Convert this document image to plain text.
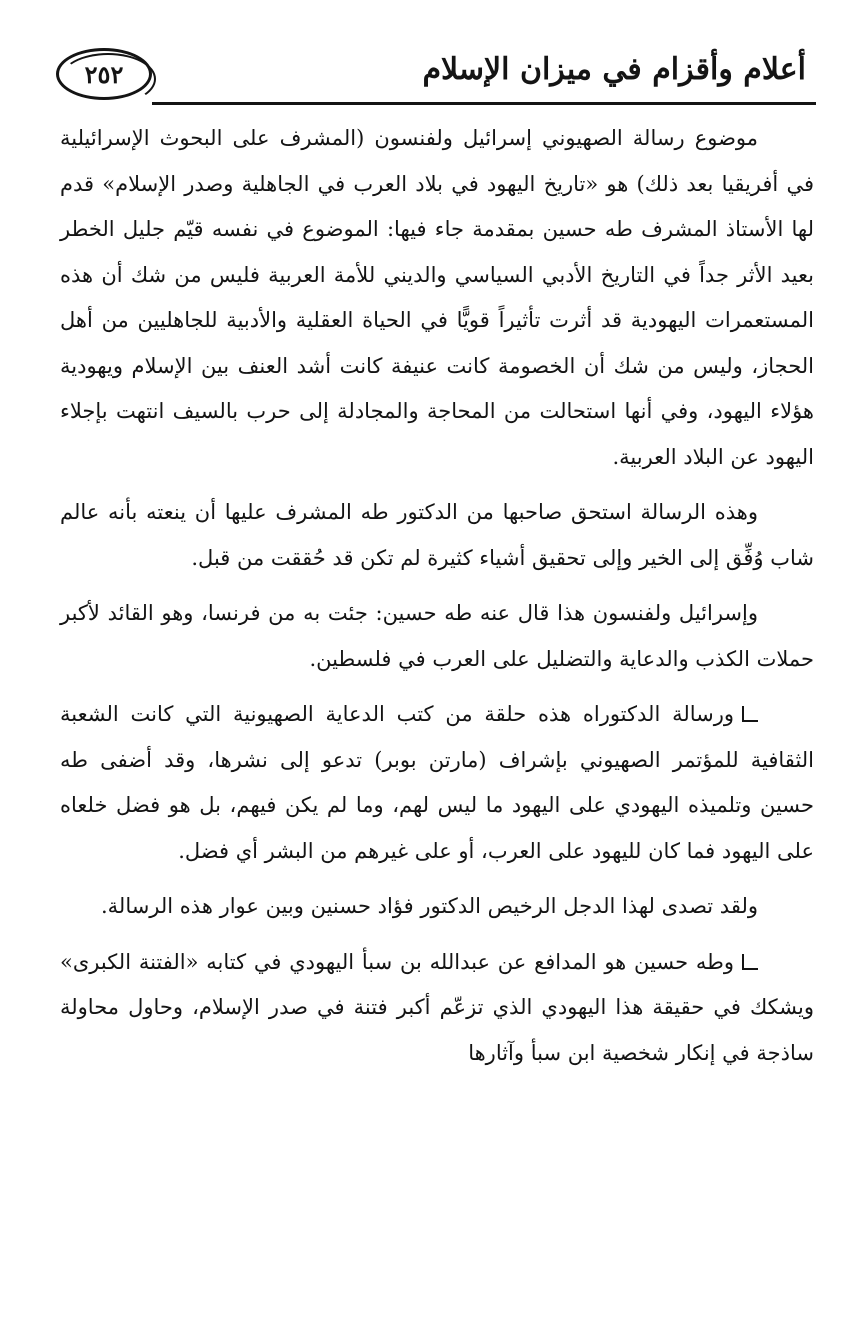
٢٥٢	أعلام وأقزام في ميزان الإسلام

موضوع رسالة الصهيوني إسرائيل ولفنسون (المشرف على البحوث الإسرائيلية في أفريقيا بعد ذلك) هو «تاريخ اليهود في بلاد العرب في الجاهلية وصدر الإسلام» قدم لها الأستاذ المشرف طه حسين بمقدمة جاء فيها: الموضوع في نفسه قيّم جليل الخطر بعيد الأثر جداً في التاريخ الأدبي السياسي والديني للأمة العربية فليس من شك أن هذه المستعمرات اليهودية قد أثرت تأثيراً قويًّا في الحياة العقلية والأدبية للجاهليين من أهل الحجاز، وليس من شك أن الخصومة كانت عنيفة كانت أشد العنف بين الإسلام ويهودية هؤلاء اليهود، وفي أنها استحالت من المحاجة والمجادلة إلى حرب بالسيف انتهت بإجلاء اليهود عن البلاد العربية.

وهذه الرسالة استحق صاحبها من الدكتور طه المشرف عليها أن ينعته بأنه عالم شاب وُفِّق إلى الخير وإلى تحقيق أشياء كثيرة لم تكن قد حُققت من قبل.

وإسرائيل ولفنسون هذا قال عنه طه حسين: جئت به من فرنسا، وهو القائد لأكبر حملات الكذب والدعاية والتضليل على العرب في فلسطين.

ورسالة الدكتوراه هذه حلقة من كتب الدعاية الصهيونية التي كانت الشعبة الثقافية للمؤتمر الصهيوني بإشراف (مارتن بوبر) تدعو إلى نشرها، وقد أضفى طه حسين وتلميذه اليهودي على اليهود ما ليس لهم، وما لم يكن فيهم، بل هو فضل خلعاه على اليهود فما كان لليهود على العرب، أو على غيرهم من البشر أي فضل.

ولقد تصدى لهذا الدجل الرخيص الدكتور فؤاد حسنين وبين عوار هذه الرسالة.

وطه حسين هو المدافع عن عبدالله بن سبأ اليهودي في كتابه «الفتنة الكبرى» ويشكك في حقيقة هذا اليهودي الذي تزعّم أكبر فتنة في صدر الإسلام، وحاول محاولة ساذجة في إنكار شخصية ابن سبأ وآثارها
